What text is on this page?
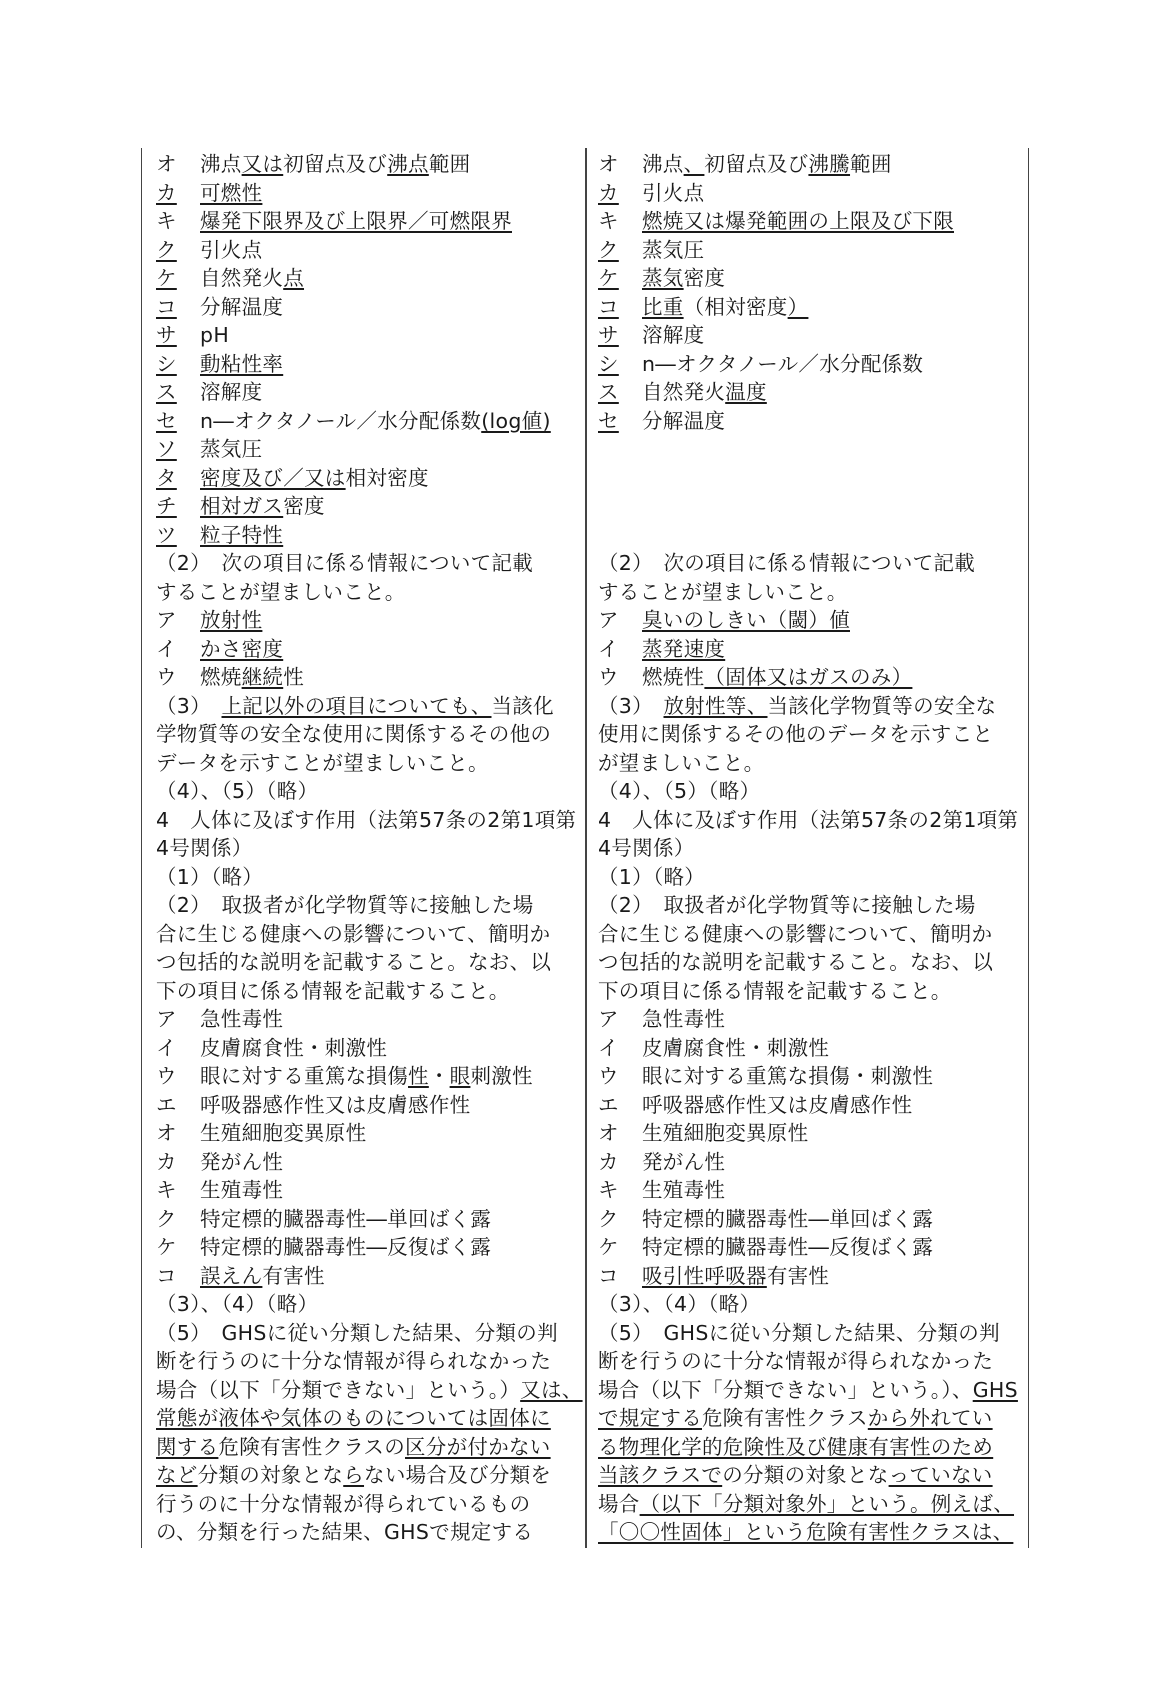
オ 沸点又は初留点及び沸点範囲
カ 可燃性
キ 爆発下限界及び上限界／可燃限界
ク 引火点
ケ 自然発火点
コ 分解温度
サ pH
シ 動粘性率
ス 溶解度
セ n―オクタノール／水分配係数(log値)
ソ 蒸気圧
タ 密度及び／又は相対密度
チ 相対ガス密度
ツ 粒子特性
（2）　次の項目に係る情報について記載
することが望ましいこと。
ア 放射性
イ かさ密度
ウ 燃焼継続性
（3）　上記以外の項目についても、当該化
学物質等の安全な使用に関係するその他の
データを示すことが望ましいこと。
（4）、（5）（略）
4　人体に及ぼす作用（法第57条の2第1項第
4号関係）
（1）（略）
（2）　取扱者が化学物質等に接触した場
合に生じる健康への影響について、簡明か
つ包括的な説明を記載すること。なお、以
下の項目に係る情報を記載すること。
ア 急性毒性
イ 皮膚腐食性・刺激性
ウ 眼に対する重篤な損傷性・眼刺激性
エ 呼吸器感作性又は皮膚感作性
オ 生殖細胞変異原性
カ 発がん性
キ 生殖毒性
ク 特定標的臓器毒性―単回ばく露
ケ 特定標的臓器毒性―反復ばく露
コ 誤えん有害性
（3）、（4）（略）
（5）　GHSに従い分類した結果、分類の判
断を行うのに十分な情報が得られなかった
場合（以下「分類できない」という。）又は、
常態が液体や気体のものについては固体に
関する危険有害性クラスの区分が付かない
など分類の対象とならない場合及び分類を
行うのに十分な情報が得られているもの
の、分類を行った結果、GHSで規定する
オ 沸点、初留点及び沸騰範囲
カ 引火点
キ 燃焼又は爆発範囲の上限及び下限
ク 蒸気圧
ケ 蒸気密度
コ 比重（相対密度）
サ 溶解度
シ n―オクタノール／水分配係数
ス 自然発火温度
セ 分解温度
（2）　次の項目に係る情報について記載
することが望ましいこと。
ア 臭いのしきい（閾）値
イ 蒸発速度
ウ 燃焼性（固体又はガスのみ）
（3）　放射性等、当該化学物質等の安全な
使用に関係するその他のデータを示すこと
が望ましいこと。
（4）、（5）（略）
4　人体に及ぼす作用（法第57条の2第1項第
4号関係）
（1）（略）
（2）　取扱者が化学物質等に接触した場
合に生じる健康への影響について、簡明か
つ包括的な説明を記載すること。なお、以
下の項目に係る情報を記載すること。
ア 急性毒性
イ 皮膚腐食性・刺激性
ウ 眼に対する重篤な損傷・刺激性
エ 呼吸器感作性又は皮膚感作性
オ 生殖細胞変異原性
カ 発がん性
キ 生殖毒性
ク 特定標的臓器毒性―単回ばく露
ケ 特定標的臓器毒性―反復ばく露
コ 吸引性呼吸器有害性
（3）、（4）（略）
（5）　GHSに従い分類した結果、分類の判
断を行うのに十分な情報が得られなかった
場合（以下「分類できない」という。）、GHS
で規定する危険有害性クラスから外れてい
る物理化学的危険性及び健康有害性のため
当該クラスでの分類の対象となっていない
場合（以下「分類対象外」という。例えば、
「〇〇性固体」という危険有害性クラスは、
